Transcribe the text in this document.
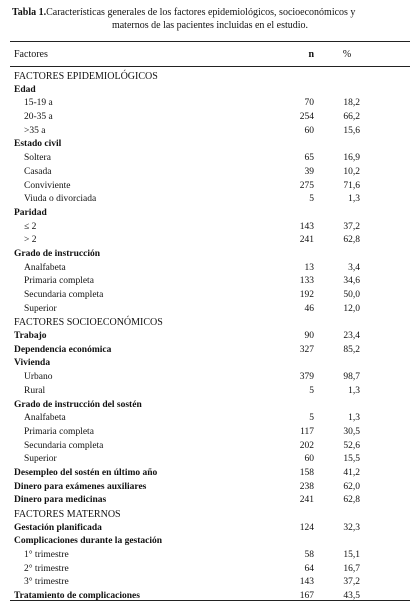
Tabla 1.Características generales de los factores epidemiológicos, socioeconómicos y
maternos de las pacientes incluidas en el estudio.
Factores	n	%
FACTORES EPIDEMIOLÓGICOS
Edad
15-19 a	70	18,2
20-35 a	254	66,2
>35 a	60	15,6
Estado civil
Soltera	65	16,9
Casada	39	10,2
Conviviente	275	71,6
Viuda o divorciada	5	1,3
Paridad
≤ 2	143	37,2
> 2	241	62,8
Grado de instrucción
Analfabeta	13	3,4
Primaria completa	133	34,6
Secundaria completa	192	50,0
Superior	46	12,0
FACTORES SOCIOECONÓMICOS
Trabajo	90	23,4
Dependencia económica	327	85,2
Vivienda
Urbano	379	98,7
Rural	5	1,3
Grado de instrucción del sostén
Analfabeta	5	1,3
Primaria completa	117	30,5
Secundaria completa	202	52,6
Superior	60	15,5
Desempleo del sostén en último año	158	41,2
Dinero para exámenes auxiliares	238	62,0
Dinero para medicinas	241	62,8
FACTORES MATERNOS
Gestación planificada	124	32,3
Complicaciones durante la gestación
1° trimestre	58	15,1
2° trimestre	64	16,7
3° trimestre	143	37,2
Tratamiento de complicaciones	167	43,5
